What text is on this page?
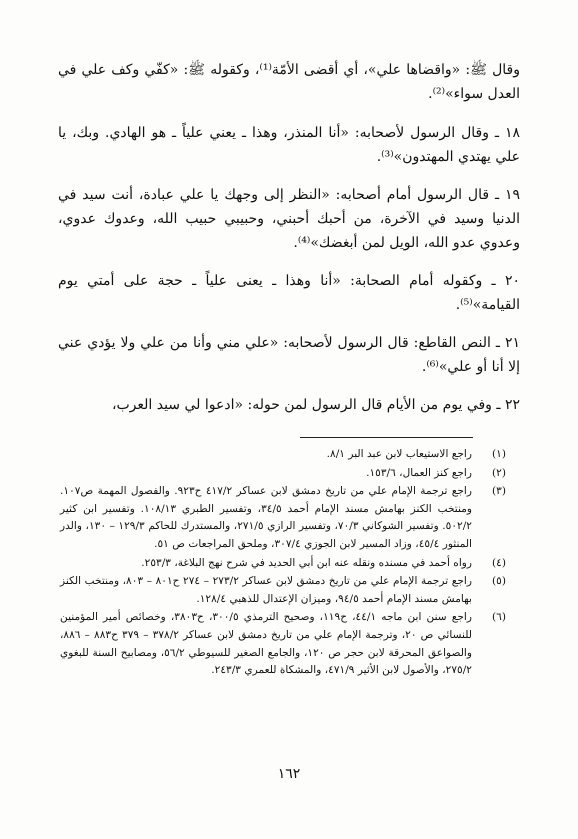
وقال ﷺ: «واقضاها علي»، أي أقضى الأمّة⁽¹⁾، وكقوله ﷺ: «كفّي وكف علي في العدل سواء»⁽²⁾.

١٨ ـ وقال الرسول لأصحابه: «أنا المنذر، وهذا ـ يعني علياً ـ هو الهادي. وبك، يا علي يهتدي المهتدون»⁽³⁾.

١٩ ـ قال الرسول أمام أصحابه: «النظر إلى وجهك يا علي عبادة، أنت سيد في الدنيا وسيد في الآخرة، من أحبك أحبني، وحبيبي حبيب الله، وعدوك عدوي، وعدوي عدو الله، الويل لمن أبغضك»⁽⁴⁾.

٢٠ ـ وكقوله أمام الصحابة: «أنا وهذا ـ يعنى علياً ـ حجة على أمتي يوم القيامة»⁽⁵⁾.

٢١ ـ النص القاطع: قال الرسول لأصحابه: «علي مني وأنا من علي ولا يؤدي عني إلا أنا أو علي»⁽⁶⁾.

٢٢ ـ وفي يوم من الأيام قال الرسول لمن حوله: «ادعوا لي سيد العرب،

(١)
راجع الاستيعاب لابن عبد البر ٨/١.
(٢)
راجع كنز العمال، ١٥٣/٦.
(٣)
راجع ترجمة الإمام علي من تاريخ دمشق لابن عساكر ٤١٧/٢ ح٩٢٣. والفصول المهمة ص١٠٧. ومنتخب الكنز بهامش مسند الإمام أحمد ٣٤/٥، وتفسير الطبري ١٠٨/١٣. وتفسير ابن كثير ٥٠٢/٢. وتفسير الشوكاني ٧٠/٣، وتفسير الرازي ٢٧١/٥، والمستدرك للحاكم ١٢٩/٣ – ١٣٠، والدر المنثور ٤٥/٤، وزاد المسير لابن الجوزي ٣٠٧/٤، وملحق المراجعات ص ٥١.
(٤)
رواه أحمد في مسنده ونقله عنه ابن أبي الحديد في شرح نهج البلاغة، ٢٥٣/٣.
(٥)
راجع ترجمة الإمام علي من تاريخ دمشق لابن عساكر ٢٧٣/٢ – ٢٧٤ ح٨٠١ – ٨٠٣، ومنتخب الكنز بهامش مسند الإمام أحمد ٩٤/٥، وميزان الإعتدال للذهبي ١٢٨/٤.
(٦)
راجع سنن ابن ماجه ٤٤/١، ح١١٩، وصحيح الترمذي ٣٠٠/٥، ح٣٨٠٣، وخصائص أمير المؤمنين للنسائي ص ٢٠، وترجمة الإمام علي من تاريخ دمشق لابن عساكر ٣٧٨/٢ – ٣٧٩ ح٨٨٣ – ٨٨٦، والصواعق المحرقة لابن حجر ص ١٢٠، والجامع الصغير للسيوطي ٥٦/٢، ومصابيح السنة للبغوي ٢٧٥/٢، والأصول لابن الأثير ٤٧١/٩، والمشكاة للعمري ٢٤٣/٣.
١٦٢
